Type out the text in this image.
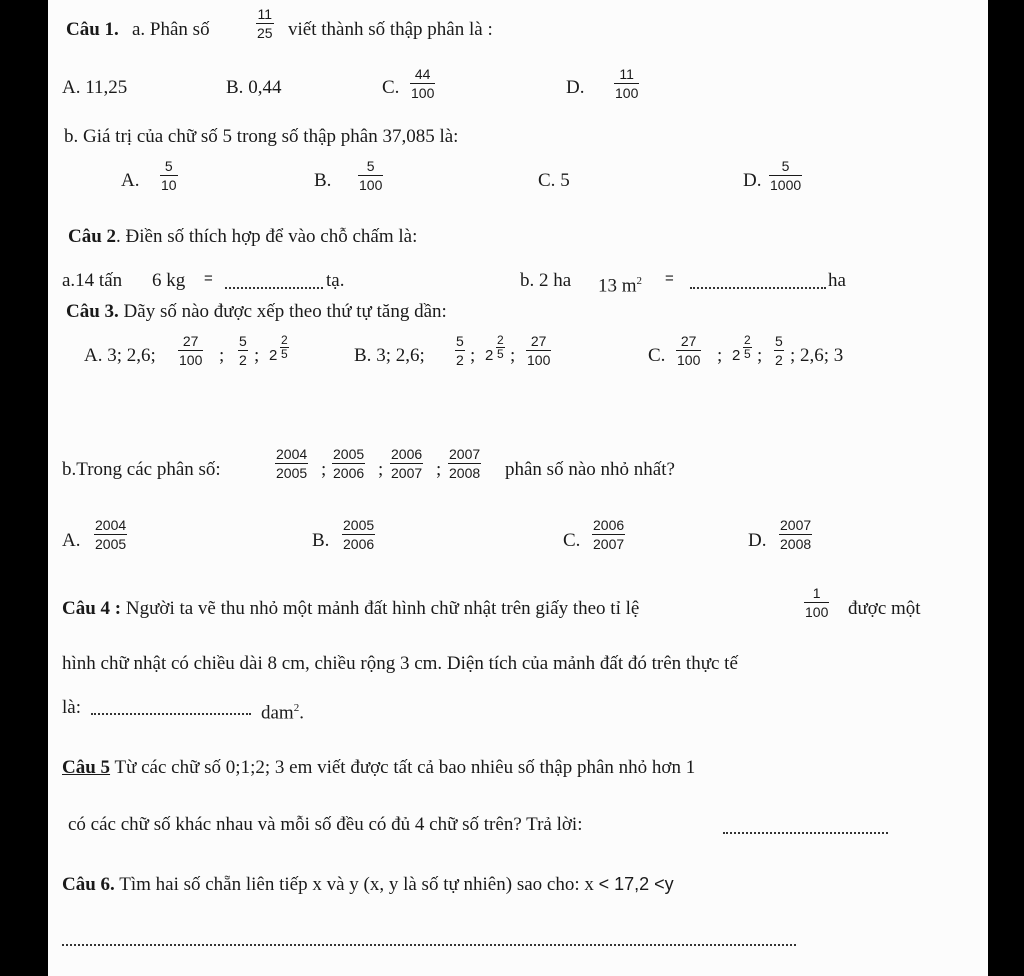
Câu 1. a. Phân số	$\frac{11}{25}$ viết thành số thập phân là :
A. 11,25	B. 0,44	C. $\frac{44}{100}$	D. $\frac{11}{100}$
b. Giá trị của chữ số 5 trong số thập phân 37,085 là:
A. $\frac{5}{10}$	B. $\frac{5}{100}$	C. 5	D. $\frac{5}{1000}$
Câu 2. Điền số thích hợp để vào chỗ chấm là:
a.14 tấn 6 kg =	tạ.	b. 2 ha 13 $m^2$ =	ha
Câu 3. Dãy số nào được xếp theo thứ tự tăng dần:
A. 3; 2,6; $\frac{27}{100}$ ; $\frac{5}{2}$ ; $2 \frac{2}{5}$	B. 3; 2,6; $\frac{5}{2}$ ; $2 \frac{2}{5}$ ; $\frac{27}{100}$	C. $\frac{27}{100}$ ; $2 \frac{2}{5}$ ; $\frac{5}{2}$ ; 2,6; 3
b.Trong các phân số:	$\frac{2004}{2005}$ ; $\frac{2005}{2006}$ ; $\frac{2006}{2007}$ ; $\frac{2007}{2008}$ phân số nào nhỏ nhất?
A. $\frac{2004}{2005}$	B. $\frac{2005}{2006}$	C. $\frac{2006}{2007}$	D. $\frac{2007}{2008}$
Câu 4 : Người ta vẽ thu nhỏ một mảnh đất hình chữ nhật trên giấy theo tỉ lệ	$\frac{1}{100}$ được một
hình chữ nhật có chiều dài 8 cm, chiều rộng 3 cm. Diện tích của mảnh đất đó trên thực tế
là:	dam$^2$.
Câu 5 Từ các chữ số 0;1;2; 3 em viết được tất cả bao nhiêu số thập phân nhỏ hơn 1
có các chữ số khác nhau và mỗi số đều có đủ 4 chữ số trên? Trả lời:
Câu 6. Tìm hai số chẵn liên tiếp x và y (x, y là số tự nhiên) sao cho: x < 17,2 <y
